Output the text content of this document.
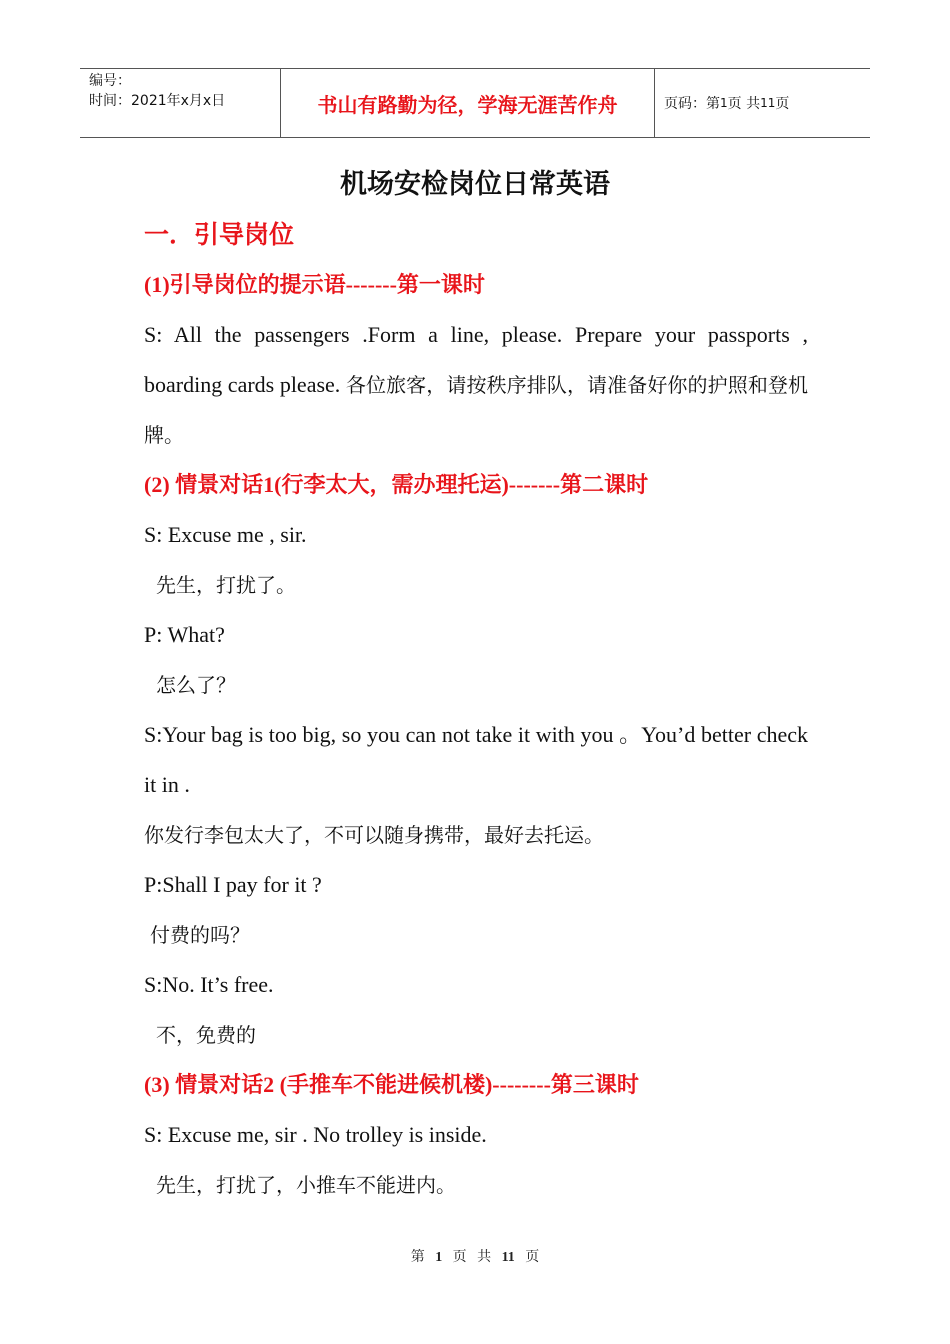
编号：
时间：2021年x月x日	书山有路勤为径，学海无涯苦作舟	页码：第 1 页 共 11 页
机场安检岗位日常英语
一．引导岗位
(1)引导岗位的提示语-------第一课时
S: All the passengers .Form a line, please. Prepare your passports , boarding cards please. 各位旅客，请按秩序排队，请准备好你的护照和登机牌。
(2) 情景对话1(行李太大，需办理托运)-------第二课时
S: Excuse me , sir.
先生，打扰了。
P: What?
怎么了？
S:Your bag is too big, so you can not take it with you 。You’d better check it in .
你发行李包太大了，不可以随身携带，最好去托运。
P:Shall I pay for it ?
付费的吗？
S:No. It’s free.
不，免费的
(3) 情景对话2 (手推车不能进候机楼)--------第三课时
S: Excuse me, sir . No trolley is inside.
先生，打扰了，小推车不能进内。
第 1 页 共 11 页
